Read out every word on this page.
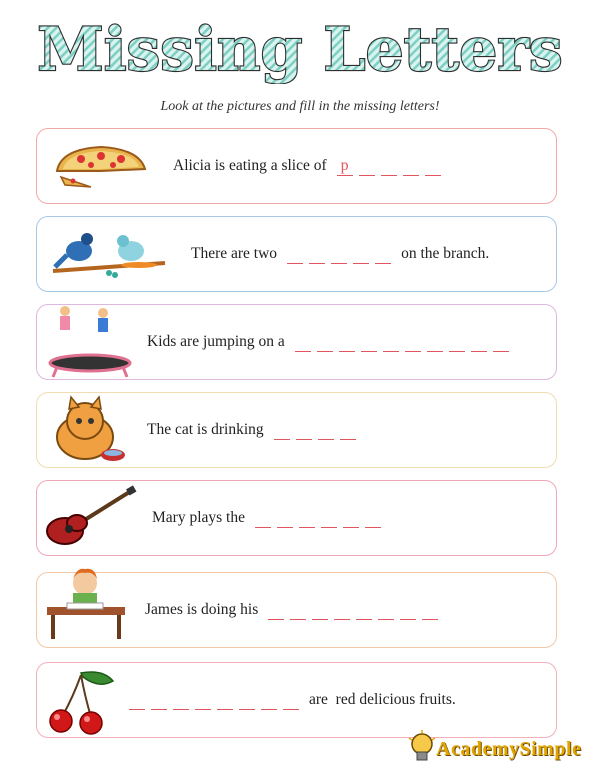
Missing Letters
Look at the pictures and fill in the missing letters!
Alicia is eating a slice of p
There are two	on the branch.
Kids are jumping on a
The cat is drinking
Mary plays the
James is doing his
are  red delicious fruits.
AcademySimple
